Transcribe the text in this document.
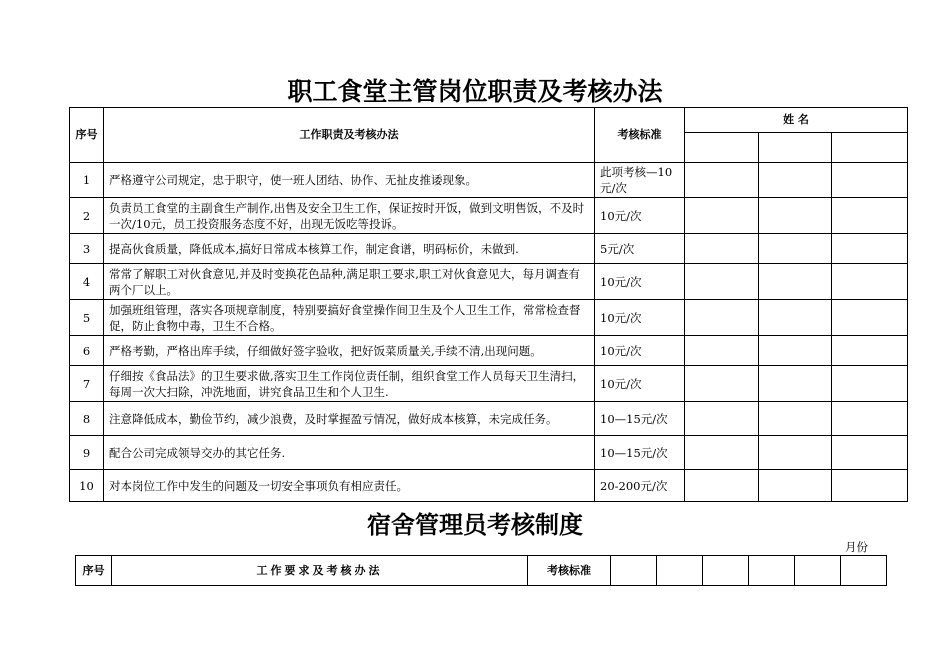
职工食堂主管岗位职责及考核办法
序号	工作职责及考核办法	考核标准	姓 名		

1	严格遵守公司规定，忠于职守，使一班人团结、协作、无扯皮推诿现象。	此项考核—10元/次			
2	负责员工食堂的主副食生产制作,出售及安全卫生工作，保证按时开饭，做到文明售饭，不及时一次/10元，员工投资服务态度不好，出现无饭吃等投诉。	10元/次			
3	提高伙食质量，降低成本,搞好日常成本核算工作，制定食谱，明码标价，未做到.	5元/次			
4	常常了解职工对伙食意见,并及时变换花色品种,满足职工要求,职工对伙食意见大，每月调查有两个厂以上。	10元/次			
5	加强班组管理，落实各项规章制度，特别要搞好食堂操作间卫生及个人卫生工作，常常检查督促，防止食物中毒，卫生不合格。	10元/次			
6	严格考勤，严格出库手续，仔细做好签字验收，把好饭菜质量关,手续不清,出现问题。	10元/次			
7	仔细按《食品法》的卫生要求做,落实卫生工作岗位责任制，组织食堂工作人员每天卫生清扫，每周一次大扫除，冲洗地面，讲究食品卫生和个人卫生.	10元/次			
8	注意降低成本，勤俭节约，减少浪费，及时掌握盈亏情况，做好成本核算，未完成任务。	10—15元/次			
9	配合公司完成领导交办的其它任务.	10—15元/次			
10	对本岗位工作中发生的问题及一切安全事项负有相应责任。	20-200元/次			
宿舍管理员考核制度
月份
序号	工作要求及考核办法	考核标准						
